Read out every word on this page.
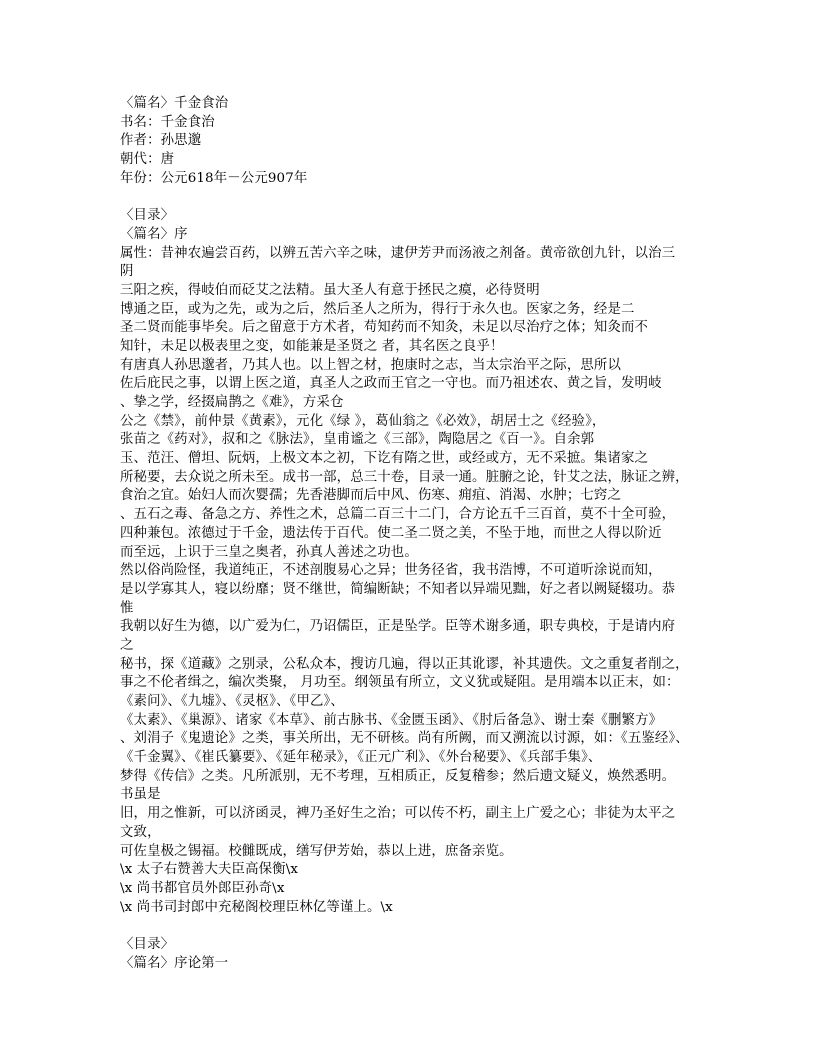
〈篇名〉千金食治
书名：千金食治
作者：孙思邈
朝代：唐
年份：公元618年－公元907年
〈目录〉
〈篇名〉序
属性：昔神农遍尝百药，以辨五苦六辛之味，逮伊芳尹而汤液之剂备。黄帝欲创九针，以治三
阴
三阳之疾，得岐伯而砭艾之法精。虽大圣人有意于拯民之瘼，必待贤明
博通之臣，或为之先，或为之后，然后圣人之所为，得行于永久也。医家之务，经是二
圣二贤而能事毕矣。后之留意于方术者，苟知药而不知灸，未足以尽治疗之体；知灸而不
知针，未足以极表里之变，如能兼是圣贤之 者，其名医之良乎！
有唐真人孙思邈者，乃其人也。以上智之材，抱康时之志，当太宗治平之际，思所以
佐后庇民之事，以谓上医之道，真圣人之政而王官之一守也。而乃祖述农、黄之旨，发明岐
、挚之学，经掇扁鹊之《难》，方采仓
公之《禁》，前仲景《黄素》，元化《绿 》，葛仙翁之《必效》，胡居士之《经验》，
张苗之《药对》，叔和之《脉法》，皇甫谧之《三部》，陶隐居之《百一》。自余郭
玉、范汪、僧坦、阮炳，上极文本之初，下讫有隋之世，或经或方，无不采摭。集诸家之
所秘要，去众说之所未至。成书一部，总三十卷，目录一通。脏腑之论，针艾之法，脉证之辨，
食治之宜。始妇人而次婴孺；先香港脚而后中风、伤寒、痈疽、消渴、水肿；七窍之
、五石之毒、备急之方、养性之术，总篇二百三十二门，合方论五千三百首，莫不十全可验，
四种兼包。浓德过于千金，遗法传于百代。使二圣二贤之美，不坠于地，而世之人得以阶近
而至远，上识于三皇之奥者，孙真人善述之功也。
然以俗尚险怪，我道纯正，不述剖腹易心之异；世务径省，我书浩博，不可道听涂说而知，
是以学寡其人，寝以纷靡；贤不继世，简编断缺；不知者以异端见黜，好之者以阙疑辍功。恭
惟
我朝以好生为德，以广爱为仁，乃诏儒臣，正是坠学。臣等术谢多通，职专典校，于是请内府
之
秘书，探《道藏》之别录，公私众本，搜访几遍，得以正其讹谬，补其遗佚。文之重复者削之，
事之不伦者缉之，编次类聚， 月功至。纲领虽有所立，文义犹或疑阻。是用端本以正末，如：
《素问》、《九墟》、《灵枢》、《甲乙》、
《太素》、《巢源》、诸家《本草》、前古脉书、《金匮玉函》、《肘后备急》、谢士秦《删繁方》
、刘涓子《鬼遗论》之类，事关所出，无不研核。尚有所阙，而又溯流以讨源，如：《五鉴经》、
《千金翼》、《崔氏纂要》、《延年秘录》，《正元广利》、《外台秘要》、《兵部手集》、
梦得《传信》之类。凡所派别，无不考理，互相质正，反复稽参；然后遗文疑义，焕然悉明。
书虽是
旧，用之惟新，可以济函灵，裨乃圣好生之治；可以传不朽，副主上广爱之心；非徒为太平之
文致，
可佐皇极之锡福。校雠既成，缮写伊芳始，恭以上进，庶备亲览。
\x 太子右赞善大夫臣高保衡\x
\x 尚书都官员外郎臣孙奇\x
\x 尚书司封郎中充秘阁校理臣林亿等谨上。\x
〈目录〉
〈篇名〉序论第一
